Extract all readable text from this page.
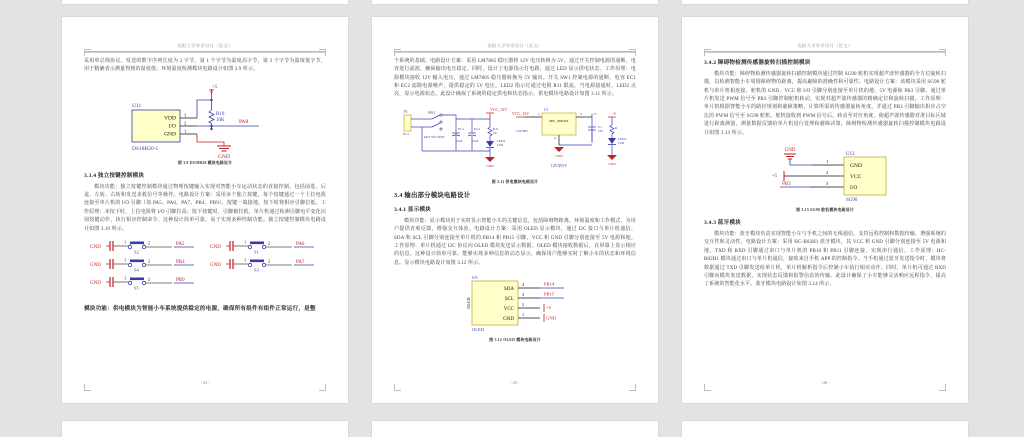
沈阳大学毕业设计（论文）

采用单总线协议，发送的数字序列长度为 2 字节，第 1 个字节为温度高字节，第 2 个字节为温度低字节，用于精确表示测量得到的温度值。环境温度检测模块电路设计如图 3.9 所示。

+5
R10
10K
U11
DS18B20-1
VDD
I/O
GND
3
2
1
PA8
GND
图 3.9 DS18B20 模块电路设计
3.3.4 独立按键控制模块

模块功能：独立按键控制模块通过物理按键输入实现对智能小车运动状态的直接控制，包括前进、后退、左转、右转和发送求救信号等操作。电路设计方案：采用多个独立按键，每个按键通过一个上拉电阻连接至单片机的 I/O 引脚（如 PA5、PA6、PA7、PB4、PB9）。按键一端接地，按下时将相应引脚拉低。工作原理：未按下时，上拉电阻将 I/O 引脚拉高；按下按键时，引脚被拉低，单片机通过检测引脚电平变化识别按键动作，执行相应控制命令。这种设计简单可靠，易于实现多种控制功能。独立按键控制模块电路设计如图 3.10 所示。

GND
1
S2
2	PA5
GND
1
S1
2	PA6
GND
1
S4
2	PB4
GND
1
S3
2	PA7
GND
1
S5
2	PB9
模块功能：供电模块为智能小车系统提供稳定的电源，确保所有组件有组件正常运行，是整

- 24 -
沈阳大学毕业设计（论文）

个系统的基础。电路设计方案：采用 LM7805 稳压器将 12V 电压转换为 5V，通过开关控制电源的通断，电容进行滤波，确保输出电压稳定。同时，设计了电源指示灯电路，通过 LED 显示供电状态。工作原理：电源模块接收 12V 输入电压，通过 LM7805 稳压器转换为 5V 输出。开关 SW1 控制电源的通断，电容 EC1 和 EC2 滤除电源噪声，提供稳定的 5V 电压。LED2 指示灯通过电阻 R11 限流，当电源接通时，LED2 点亮，显示电源状态。此设计确保了系统的稳定供电和状态指示。供电模块电路设计如图 3.11 所示。

P1
EC2
SW1
KEY SW-SPDT
EC1
22uF
EC2
22uF
VCC_12V
R11
1K
LED2
LED
GND
VCC_12V	1
U1
MIC_BOOST
LM7805
3	+5
C1
104
2
GND
12V转5V
+5
R
LED3
LED
GND
图 3.11 供电模块电路设计
3.4 输出部分模块电路设计
3.4.1 显示模块

模块功能：显示模块用于实时显示智能小车的关键信息，包括障碍物距离、环境温度和工作模式，为用户提供直观反馈，增强交互体验。电路设计方案：采用 OLED 显示模块，通过 I2C 接口与单片机通信。SDA 和 SCL 引脚分别连接至单片机的 PB14 和 PB15 引脚，VCC 和 GND 引脚分别连接至 5V 电源和地。工作原理：单片机通过 I2C 协议向 OLED 模块发送显示数据。OLED 模块接收数据后，在屏幕上显示相应的信息。这种设计简单可靠，能够实现多种信息的动态显示，确保用户能够实时了解小车的状态和环境信息。显示模块电路设计如图 3.12 所示。

U9
OLED
OLED
SDA
SCL
VCC
GND
4
3
2
1
PB14
PB15
+5
GND
图 3.12 OLED 模块电路设计
- 25 -
沈阳大学毕业设计（论文）
3.4.2 障碍物检测传感器旋转扫描控制模块

模块功能：障碍物检测传感器旋转扫描控制模块通过控制 SG90 舵机实现超声波传感器的全方位旋转扫描，以检测智能小车周围障碍物的距离，提高避障的准确性和可靠性。电路设计方案：该模块采用 SG90 舵机与单片机相连接，舵机的 GND、VCC 和 I/O 引脚分别连接至单片机的地、5V 电源和 PB3 引脚。通过单片机发送 PWM 信号至 PB3 引脚控制舵机转动，实现对超声波传感器的精确定位和旋转扫描。工作原理：单片机根据智能小车的路径规划和避障策略，计算所需的传感器旋转角度，并通过 PB3 引脚输出相应占空比的 PWM 信号至 SG90 舵机。舵机接收到 PWM 信号后，转动至对应角度，使超声波传感器对准目标区域进行距离测量，测量数据反馈给单片机进行处理和避障决策。障碍物检测传感器旋转扫描控制模块电路设计如图 3.13 所示。

GND
1
+5
2
PB3	3
U12
SG90
GND
VCC
I/O
图 3.13 SG90 舵机模块电路设计
3.4.3 蓝牙模块

模块功能：蓝牙模块负责实现智能小车与手机之间的无线通信，支持远程控制和数据传输，增强系统的交互性和灵活性。电路设计方案：采用 HC-B02H1 蓝牙模块，其 VCC 和 GND 引脚分别连接至 5V 电源和地，TXD 和 RXD 引脚通过串口与单片机的 PB10 和 PB11 引脚连接，实现串行通信。工作原理：HC-B02H1 模块通过串口与单片机通信，接收来自手机 APP 的控制指令。当手机通过蓝牙发送指令时，模块将数据通过 TXD 引脚发送给单片机，单片机解析指令后控制小车执行相应动作。同时，单片机可通过 RXD 引脚向模块发送数据，实现状态反馈和报警信息的传输。此设计确保了小车能够灵活响应远程指令，提高了系统的智能化水平。蓝牙模块电路设计如图 3.14 所示。

- 26 -
